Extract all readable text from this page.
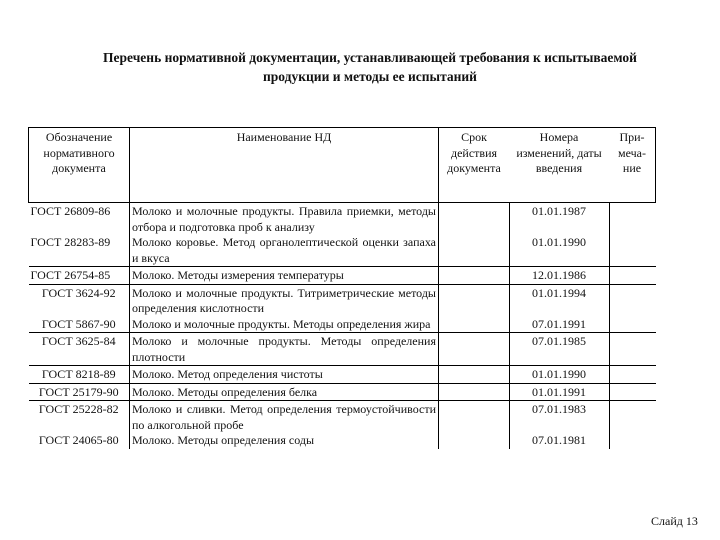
Перечень нормативной документации, устанавливающей требования к испытываемой
продукции и методы ее испытаний
Обозначение нормативного документа	Наименование НД	Срок действия документа	Номера изменений, даты введения	При-меча-ние
ГОСТ 26809-86	Молоко и молочные продукты. Правила приемки, методы отбора и подготовка проб к анализу		01.01.1987	
ГОСТ 28283-89	Молоко коровье. Метод органолептической оценки запаха и вкуса		01.01.1990	
ГОСТ 26754-85	Молоко. Методы измерения температуры		12.01.1986	
ГОСТ 3624-92	Молоко и молочные продукты. Титриметрические методы определения кислотности		01.01.1994	
ГОСТ 5867-90	Молоко и молочные продукты. Методы определения жира		07.01.1991	
ГОСТ 3625-84	Молоко и молочные продукты. Методы определения плотности		07.01.1985	
ГОСТ 8218-89	Молоко. Метод определения чистоты		01.01.1990	
ГОСТ 25179-90	Молоко. Методы определения белка		01.01.1991	
ГОСТ 25228-82	Молоко и сливки. Метод определения термоустойчивости по алкогольной пробе		07.01.1983	
ГОСТ 24065-80	Молоко. Методы определения соды		07.01.1981	
Слайд 13
